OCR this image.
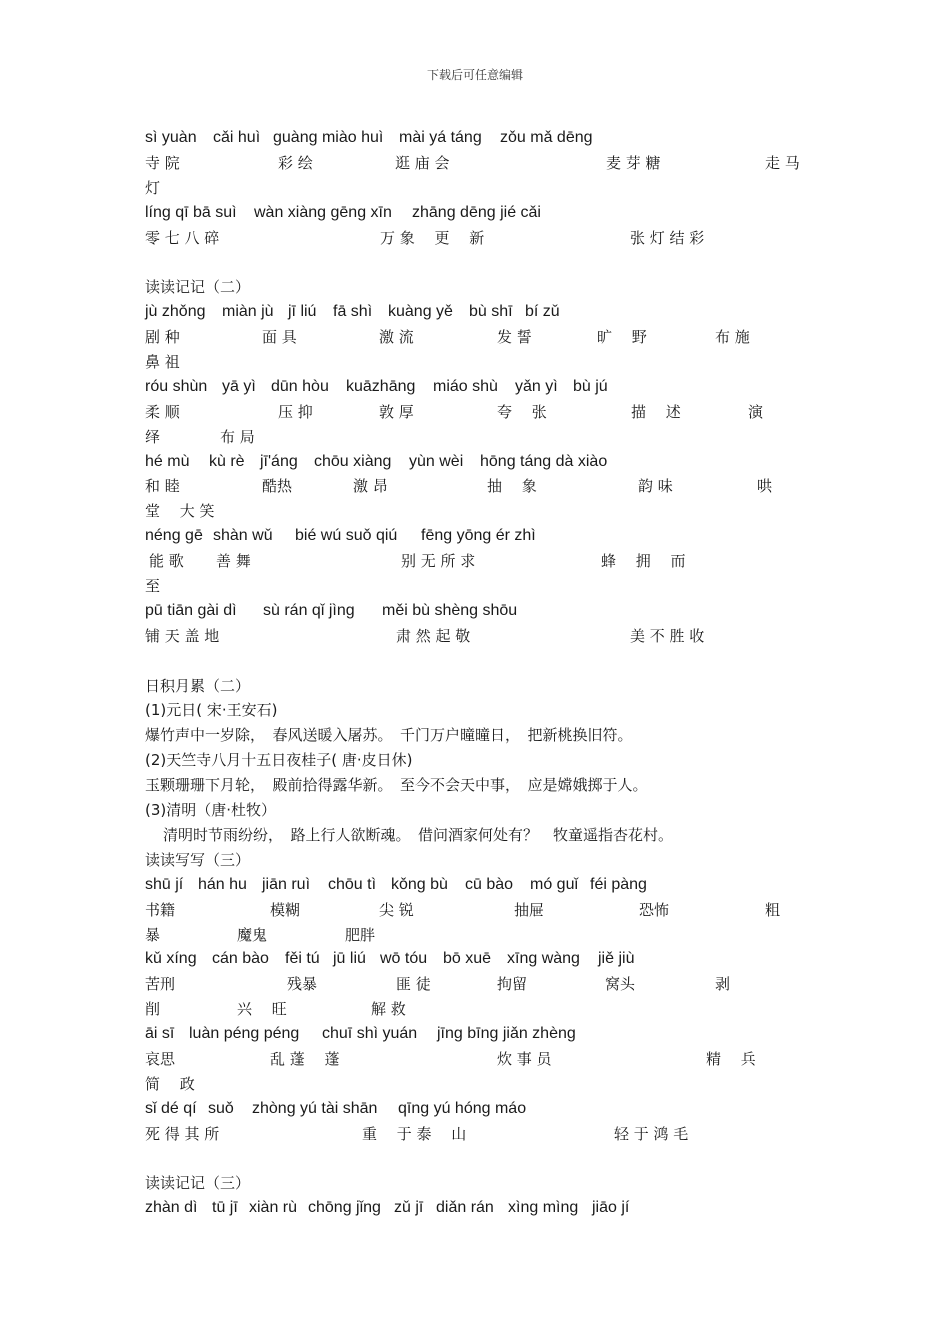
下载后可任意编辑
sì yuàn cǎi huì guàng miào huì mài yá táng zǒu mǎ dēng
寺 院	彩 绘	逛 庙 会	麦 芽 糖	走 马
灯
líng qī bā suì wàn xiàng gēng xīn zhāng dēng jié cǎi
零 七 八 碎	万 象　 更　 新	张 灯 结 彩
读读记记（二）
jù zhǒng miàn jù jī liú fā shì kuàng yě bù shī bí zǔ
剧 种	面 具	激 流	发 誓	旷　 野	布 施
鼻 祖
róu shùn yā yì dūn hòu kuāzhāng miáo shù yǎn yì bù jú
柔 顺	压 抑	敦 厚	夸　 张	描　 述	演
绎	布 局
hé mù kù rè jī'áng chōu xiàng yùn wèi hōng táng dà xiào
和 睦	酷热	激 昂	抽　 象	韵 味	哄
堂　 大 笑
néng gē shàn wǔ bié wú suǒ qiú fēng yōng ér zhì
能 歌 善 舞	别 无 所 求	蜂　 拥　 而
至
pū tiān gài dì sù rán qǐ jìng měi bù shèng shōu
铺 天 盖 地	肃 然 起 敬	美 不 胜 收
日积月累（二）
(1)元日( 宋·王安石)
爆竹声中一岁除，　春风送暖入屠苏。　千门万户曈曈日，　把新桃换旧符。
(2)天竺寺八月十五日夜桂子( 唐·皮日休)
玉颗珊珊下月轮，　殿前拾得露华新。　至今不会天中事，　应是嫦娥掷于人。
(3)清明（唐·杜牧）
清明时节雨纷纷，　路上行人欲断魂。　借问酒家何处有？　牧童遥指杏花村。
读读写写（三）
shū jí hán hu jiān ruì chōu tì kǒng bù cū bào mó guǐ féi pàng
书籍	模糊	尖 锐	抽屉	恐怖	粗
暴	魔鬼	肥胖
kǔ xíng cán bào fěi tú jū liú wō tóu bō xuē xīng wàng jiě jiù
苦刑	残暴	匪 徒	拘留	窝头	剥
削	兴　 旺	解 救
āi sī luàn péng péng chuī shì yuán jīng bīng jiǎn zhèng
哀思	乱 蓬　 蓬	炊 事 员	精　 兵
简　 政
sǐ dé qí suǒ zhòng yú tài shān qīng yú hóng máo
死 得 其 所	重　 于 泰　 山	轻 于 鸿 毛
读读记记（三）
zhàn dì tū jī xiàn rù chōng jǐng zǔ jī diǎn rán xìng mìng jiāo jí
